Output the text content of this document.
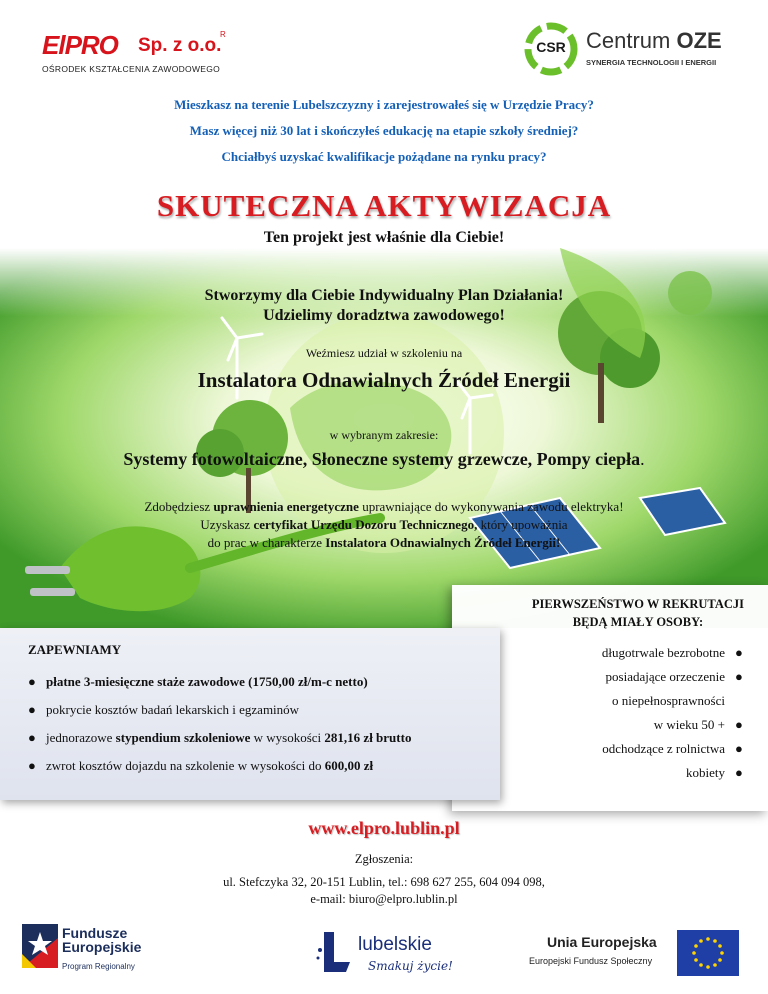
ElPRO Sp. z o.o.
R
OŚRODEK KSZTAŁCENIA ZAWODOWEGO
CSR Centrum OZE
SYNERGIA TECHNOLOGII I ENERGII
Mieszkasz na terenie Lubelszczyzny i zarejestrowałeś się w Urzędzie Pracy?
Masz więcej niż 30 lat i skończyłeś edukację na etapie szkoły średniej?
Chciałbyś uzyskać kwalifikacje pożądane na rynku pracy?
SKUTECZNA AKTYWIZACJA
Ten projekt jest właśnie dla Ciebie!
Stworzymy dla Ciebie Indywidualny Plan Działania!
Udzielimy doradztwa zawodowego!
Weźmiesz udział w szkoleniu na
Instalatora Odnawialnych Źródeł Energii
w wybranym zakresie:
Systemy fotowoltaiczne, Słoneczne systemy grzewcze, Pompy ciepła.
Zdobędziesz uprawnienia energetyczne uprawniające do wykonywania zawodu elektryka!
Uzyskasz certyfikat Urzędu Dozoru Technicznego, który upoważnia
do prac w charakterze Instalatora Odnawialnych Źródeł Energii!
PIERWSZEŃSTWO W REKRUTACJI
BĘDĄ MIAŁY OSOBY:
długotrwale bezrobotne ●
posiadające orzeczenie ●
o niepełnosprawności
w wieku 50 + ●
odchodzące z rolnictwa ●
kobiety ●
ZAPEWNIAMY
● płatne 3-miesięczne staże zawodowe (1750,00 zł/m-c netto)
● pokrycie kosztów badań lekarskich i egzaminów
● jednorazowe stypendium szkoleniowe w wysokości 281,16 zł brutto
● zwrot kosztów dojazdu na szkolenie w wysokości do 600,00 zł
www.elpro.lublin.pl
Zgłoszenia:
ul. Stefczyka 32, 20-151 Lublin, tel.: 698 627 255, 604 094 098,
e-mail: biuro@elpro.lublin.pl
Fundusze
Europejskie
Program Regionalny
lubelskie
Smakuj życie!
Unia Europejska
Europejski Fundusz Społeczny
